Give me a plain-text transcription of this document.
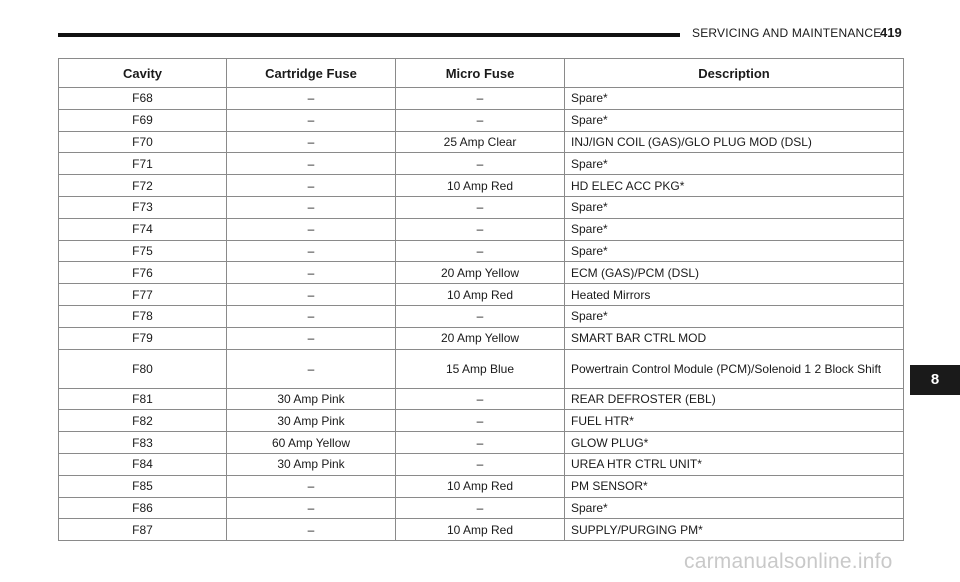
SERVICING AND MAINTENANCE
419
Cavity	Cartridge Fuse	Micro Fuse	Description
F68	–	–	Spare*
F69	–	–	Spare*
F70	–	25 Amp Clear	INJ/IGN COIL (GAS)/GLO PLUG MOD (DSL)
F71	–	–	Spare*
F72	–	10 Amp Red	HD ELEC ACC PKG*
F73	–	–	Spare*
F74	–	–	Spare*
F75	–	–	Spare*
F76	–	20 Amp Yellow	ECM (GAS)/PCM (DSL)
F77	–	10 Amp Red	Heated Mirrors
F78	–	–	Spare*
F79	–	20 Amp Yellow	SMART BAR CTRL MOD
F80	–	15 Amp Blue	Powertrain Control Module (PCM)/Solenoid 1 2 Block Shift
F81	30 Amp Pink	–	REAR DEFROSTER (EBL)
F82	30 Amp Pink	–	FUEL HTR*
F83	60 Amp Yellow	–	GLOW PLUG*
F84	30 Amp Pink	–	UREA HTR CTRL UNIT*
F85	–	10 Amp Red	PM SENSOR*
F86	–	–	Spare*
F87	–	10 Amp Red	SUPPLY/PURGING PM*
8
carmanualsonline.info
